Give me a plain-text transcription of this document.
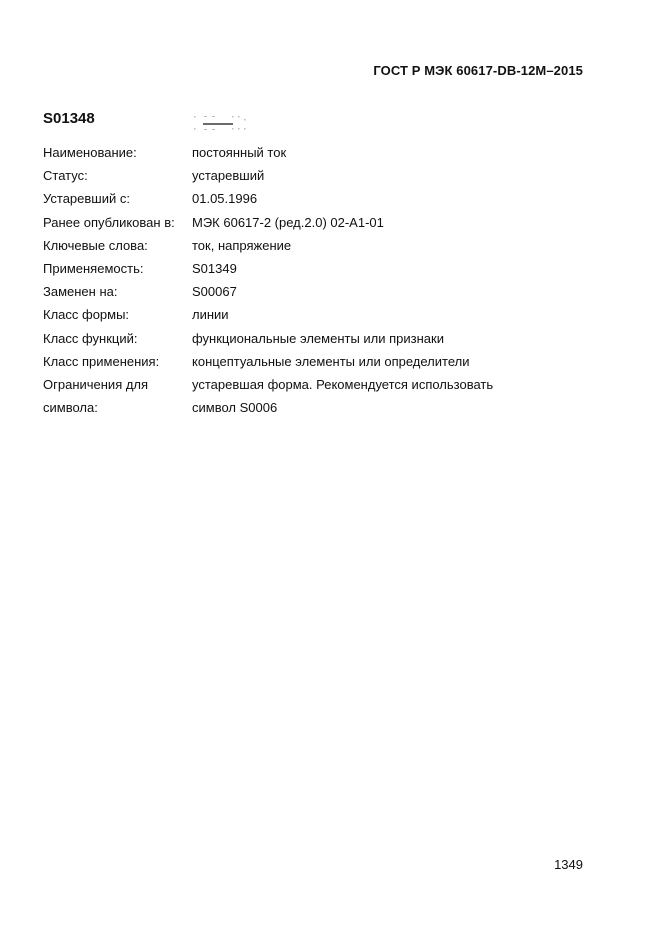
ГОСТ Р МЭК 60617-DB-12M–2015
S01348
Наименование:	постоянный ток
Статус:	устаревший
Устаревший с:	01.05.1996
Ранее опубликован в:	МЭК 60617-2 (ред.2.0) 02-А1-01
Ключевые слова:	ток, напряжение
Применяемость:	S01349
Заменен на:	S00067
Класс формы:	линии
Класс функций:	функциональные элементы или признаки
Класс применения:	концептуальные элементы или определители
Ограничения для	устаревшая форма. Рекомендуется использовать
символа:	символ S0006
1349
